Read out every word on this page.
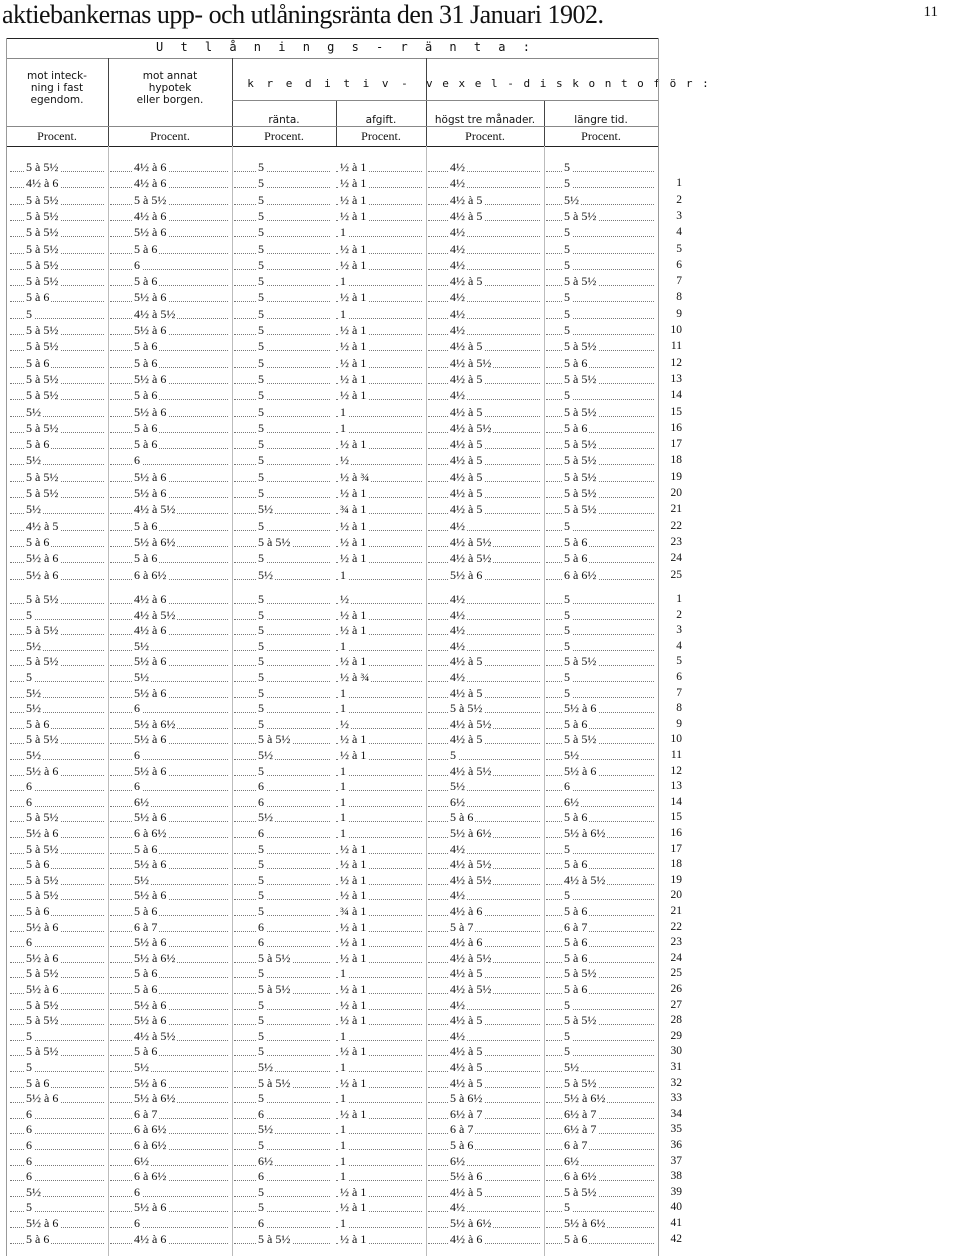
aktiebankernas upp- och utlåningsränta den 31 Januari 1902.	11
U t l å n i n g s - r ä n t a :
mot inteck-
ning i fast
egendom.
mot annat
hypotek
eller borgen.
k r e d i t i v -
ränta.	afgift.
v e x e l - d i s k o n t o f ö r :
högst tre månader.	längre tid.
Procent.	Procent.	Procent.	Procent.	Procent.	Procent.
5 à 5½	4½ à 6	5	½ à 1	4½	5
4½ à 6	4½ à 6	5	½ à 1	4½	5	1
5 à 5½	5 à 5½	5	½ à 1	4½ à 5	5½	2
5 à 5½	4½ à 6	5	½ à 1	4½ à 5	5 à 5½	3
5 à 5½	5½ à 6	5	1	4½	5	4
5 à 5½	5 à 6	5	½ à 1	4½	5	5
5 à 5½	6	5	½ à 1	4½	5	6
5 à 5½	5 à 6	5	1	4½ à 5	5 à 5½	7
5 à 6	5½ à 6	5	½ à 1	4½	5	8
5	4½ à 5½	5	1	4½	5	9
5 à 5½	5½ à 6	5	½ à 1	4½	5	10
5 à 5½	5 à 6	5	½ à 1	4½ à 5	5 à 5½	11
5 à 6	5 à 6	5	½ à 1	4½ à 5½	5 à 6	12
5 à 5½	5½ à 6	5	½ à 1	4½ à 5	5 à 5½	13
5 à 5½	5 à 6	5	½ à 1	4½	5	14
5½	5½ à 6	5	1	4½ à 5	5 à 5½	15
5 à 5½	5 à 6	5	1	4½ à 5½	5 à 6	16
5 à 6	5 à 6	5	½ à 1	4½ à 5	5 à 5½	17
5½	6	5	½	4½ à 5	5 à 5½	18
5 à 5½	5½ à 6	5	½ à ¾	4½ à 5	5 à 5½	19
5 à 5½	5½ à 6	5	½ à 1	4½ à 5	5 à 5½	20
5½	4½ à 5½	5½	¾ à 1	4½ à 5	5 à 5½	21
4½ à 5	5 à 6	5	½ à 1	4½	5	22
5 à 6	5½ à 6½	5 à 5½	½ à 1	4½ à 5½	5 à 6	23
5½ à 6	5 à 6	5	½ à 1	4½ à 5½	5 à 6	24
5½ à 6	6 à 6½	5½	1	5½ à 6	6 à 6½	25
5 à 5½	4½ à 6	5	½	4½	5	1
5	4½ à 5½	5	½ à 1	4½	5	2
5 à 5½	4½ à 6	5	½ à 1	4½	5	3
5½	5½	5	1	4½	5	4
5 à 5½	5½ à 6	5	½ à 1	4½ à 5	5 à 5½	5
5	5½	5	½ à ¾	4½	5	6
5½	5½ à 6	5	1	4½ à 5	5	7
5½	6	5	1	5 à 5½	5½ à 6	8
5 à 6	5½ à 6½	5	½	4½ à 5½	5 à 6	9
5 à 5½	5½ à 6	5 à 5½	½ à 1	4½ à 5	5 à 5½	10
5½	6	5½	½ à 1	5	5½	11
5½ à 6	5½ à 6	5	1	4½ à 5½	5½ à 6	12
6	6	6	1	5½	6	13
6	6½	6	1	6½	6½	14
5 à 5½	5½ à 6	5½	1	5 à 6	5 à 6	15
5½ à 6	6 à 6½	6	1	5½ à 6½	5½ à 6½	16
5 à 5½	5 à 6	5	½ à 1	4½	5	17
5 à 6	5½ à 6	5	½ à 1	4½ à 5½	5 à 6	18
5 à 5½	5½	5	½ à 1	4½ à 5½	4½ à 5½	19
5 à 5½	5½ à 6	5	½ à 1	4½	5	20
5 à 6	5 à 6	5	¾ à 1	4½ à 6	5 à 6	21
5½ à 6	6 à 7	6	½ à 1	5 à 7	6 à 7	22
6	5½ à 6	6	½ à 1	4½ à 6	5 à 6	23
5½ à 6	5½ à 6½	5 à 5½	½ à 1	4½ à 5½	5 à 6	24
5 à 5½	5 à 6	5	1	4½ à 5	5 à 5½	25
5½ à 6	5 à 6	5 à 5½	½ à 1	4½ à 5½	5 à 6	26
5 à 5½	5½ à 6	5	½ à 1	4½	5	27
5 à 5½	5½ à 6	5	½ à 1	4½ à 5	5 à 5½	28
5	4½ à 5½	5	1	4½	5	29
5 à 5½	5 à 6	5	½ à 1	4½ à 5	5	30
5	5½	5½	1	4½ à 5	5½	31
5 à 6	5½ à 6	5 à 5½	½ à 1	4½ à 5	5 à 5½	32
5½ à 6	5½ à 6½	5	1	5 à 6½	5½ à 6½	33
6	6 à 7	6	½ à 1	6½ à 7	6½ à 7	34
6	6 à 6½	5½	1	6 à 7	6½ à 7	35
6	6 à 6½	5	1	5 à 6	6 à 7	36
6	6½	6½	1	6½	6½	37
6	6 à 6½	6	1	5½ à 6	6 à 6½	38
5½	6	5	½ à 1	4½ à 5	5 à 5½	39
5	5½ à 6	5	½ à 1	4½	5	40
5½ à 6	6	6	1	5½ à 6½	5½ à 6½	41
5 à 6	4½ à 6	5 à 5½	½ à 1	4½ à 6	5 à 6	42
